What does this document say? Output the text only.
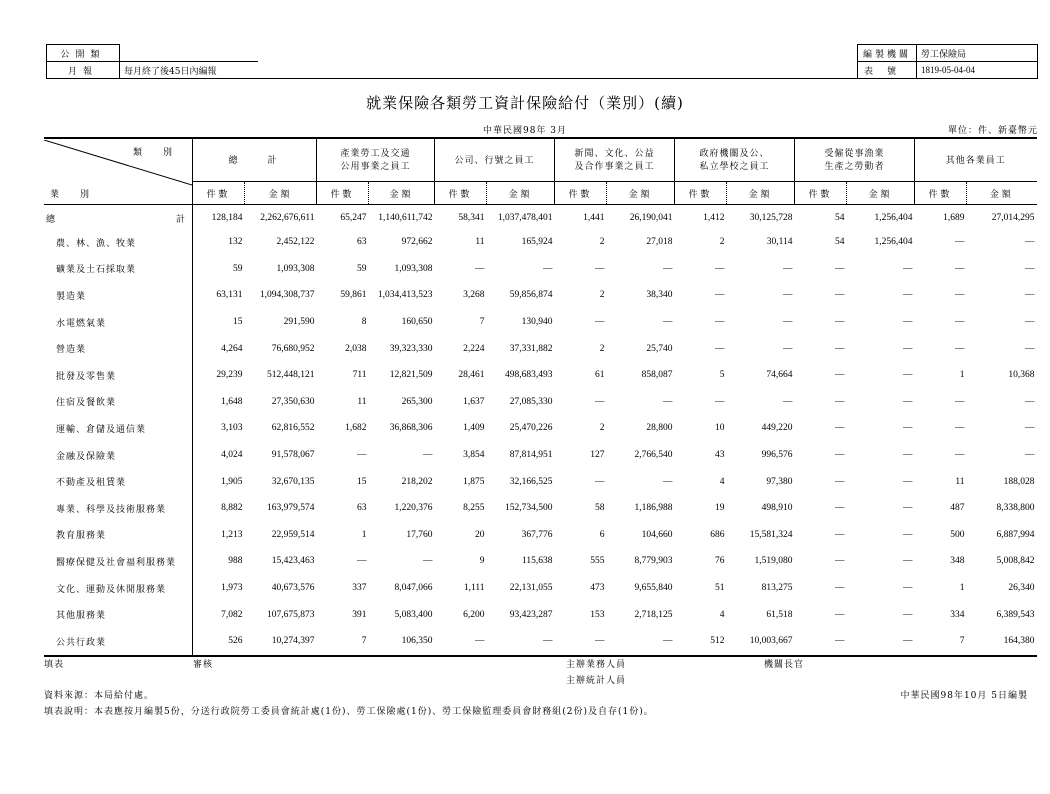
公開類	
月報	每月終了後45日內編報
編製機關	勞工保險局
表號	1819-05-04-04
就業保險各類勞工資計保險給付（業別）(續)
中華民國98年 3月	單位：件、新臺幣元
類　別
業　別	總　　計		產業勞工及交通
公用事業之員工		公司、行號之員工		新聞、文化、公益
及合作事業之員工		政府機關及公、
私立學校之員工		受僱從事漁業
生產之勞動者		其他各業員工	
	件數	金額	件數	金額	件數	金額	件數	金額	件數	金額	件數	金額	件數	金額

總 計	128,184	2,262,676,611	65,247	1,140,611,742	58,341	1,037,478,401	1,441	26,190,041	1,412	30,125,728	54	1,256,404	1,689	27,014,295
農、林、漁、牧業	132	2,452,122	63	972,662	11	165,924	2	27,018	2	30,114	54	1,256,404	—	—
礦業及土石採取業	59	1,093,308	59	1,093,308	—	—	—	—	—	—	—	—	—	—
製造業	63,131	1,094,308,737	59,861	1,034,413,523	3,268	59,856,874	2	38,340	—	—	—	—	—	—
水電燃氣業	15	291,590	8	160,650	7	130,940	—	—	—	—	—	—	—	—
營造業	4,264	76,680,952	2,038	39,323,330	2,224	37,331,882	2	25,740	—	—	—	—	—	—
批發及零售業	29,239	512,448,121	711	12,821,509	28,461	498,683,493	61	858,087	5	74,664	—	—	1	10,368
住宿及餐飲業	1,648	27,350,630	11	265,300	1,637	27,085,330	—	—	—	—	—	—	—	—
運輸、倉儲及通信業	3,103	62,816,552	1,682	36,868,306	1,409	25,470,226	2	28,800	10	449,220	—	—	—	—
金融及保險業	4,024	91,578,067	—	—	3,854	87,814,951	127	2,766,540	43	996,576	—	—	—	—
不動產及租賃業	1,905	32,670,135	15	218,202	1,875	32,166,525	—	—	4	97,380	—	—	11	188,028
專業、科學及技術服務業	8,882	163,979,574	63	1,220,376	8,255	152,734,500	58	1,186,988	19	498,910	—	—	487	8,338,800
教育服務業	1,213	22,959,514	1	17,760	20	367,776	6	104,660	686	15,581,324	—	—	500	6,887,994
醫療保健及社會福利服務業	988	15,423,463	—	—	9	115,638	555	8,779,903	76	1,519,080	—	—	348	5,008,842
文化、運動及休閒服務業	1,973	40,673,576	337	8,047,066	1,111	22,131,055	473	9,655,840	51	813,275	—	—	1	26,340
其他服務業	7,082	107,675,873	391	5,083,400	6,200	93,423,287	153	2,718,125	4	61,518	—	—	334	6,389,543
公共行政業	526	10,274,397	7	106,350	—	—	—	—	512	10,003,667	—	—	7	164,380
填表	審核	主辦業務人員
主辦統計人員
機關長官
資料來源：本局給付處。	中華民國98年10月 5日編製
填表說明：本表應按月編製5份，分送行政院勞工委員會統計處(1份)、勞工保險處(1份)、勞工保險監理委員會財務組(2份)及自存(1份)。
